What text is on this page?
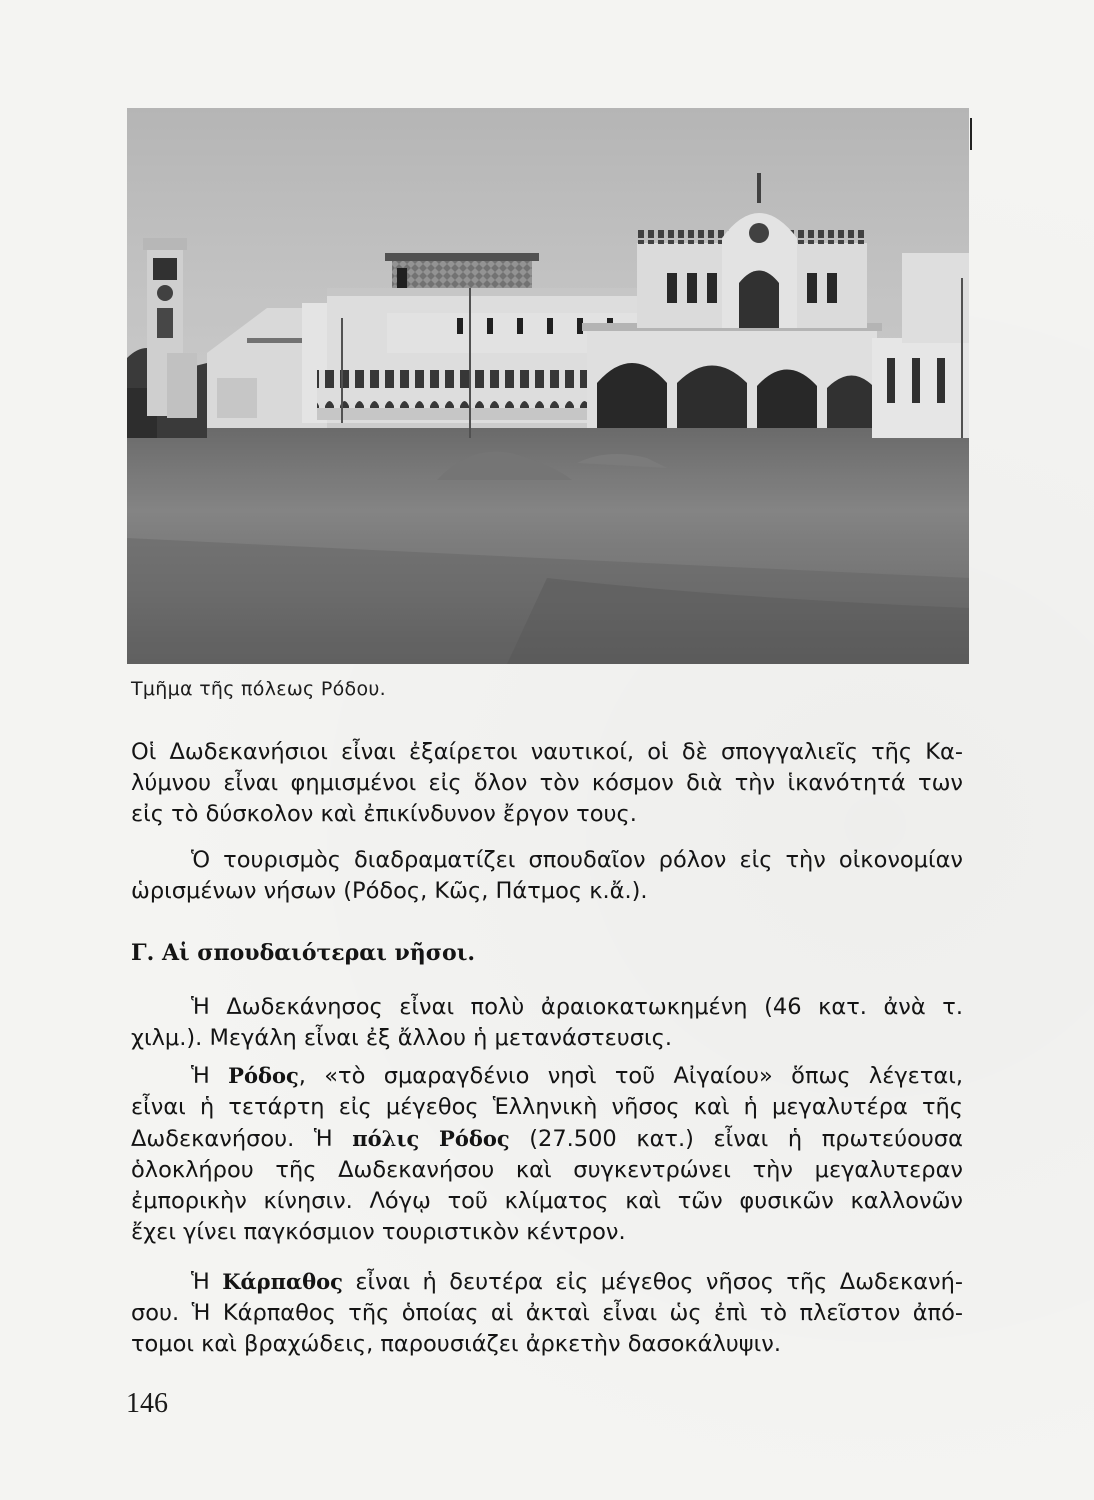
Τμῆμα τῆς πόλεως Ρόδου.
Οἱ Δωδεκανήσιοι εἶναι ἐξαίρετοι ναυτικοί, οἱ δὲ σπογγαλιεῖς τῆς Κα-
λύμνου εἶναι φημισμένοι εἰς ὅλον τὸν κόσμον διὰ τὴν ἱκανότητά των
εἰς τὸ δύσκολον καὶ ἐπικίνδυνον ἔργον τους.
Ὁ τουρισμὸς διαδραματίζει σπουδαῖον ρόλον εἰς τὴν οἰκονομίαν
ὡρισμένων νήσων (Ρόδος, Κῶς, Πάτμος κ.ἄ.).
Γ. Αἱ σπουδαιότεραι νῆσοι.
Ἡ Δωδεκάνησος εἶναι πολὺ ἀραιοκατωκημένη (46 κατ. ἀνὰ τ.
χιλμ.). Μεγάλη εἶναι ἐξ ἄλλου ἡ μετανάστευσις.
Ἡ Ρόδος, «τὸ σμαραγδένιο νησὶ τοῦ Αἰγαίου» ὅπως λέγεται,
εἶναι ἡ τετάρτη εἰς μέγεθος Ἑλληνικὴ νῆσος καὶ ἡ μεγαλυτέρα τῆς
Δωδεκανήσου. Ἡ πόλις Ρόδος (27.500 κατ.) εἶναι ἡ πρωτεύουσα
ὁλοκλήρου τῆς Δωδεκανήσου καὶ συγκεντρώνει τὴν μεγαλυτεραν
ἐμπορικὴν κίνησιν. Λόγῳ τοῦ κλίματος καὶ τῶν φυσικῶν καλλονῶν
ἔχει γίνει παγκόσμιον τουριστικὸν κέντρον.
Ἡ Κάρπαθος εἶναι ἡ δευτέρα εἰς μέγεθος νῆσος τῆς Δωδεκανή-
σου. Ἡ Κάρπαθος τῆς ὁποίας αἱ ἀκταὶ εἶναι ὡς ἐπὶ τὸ πλεῖστον ἀπό-
τομοι καὶ βραχώδεις, παρουσιάζει ἀρκετὴν δασοκάλυψιν.
146
